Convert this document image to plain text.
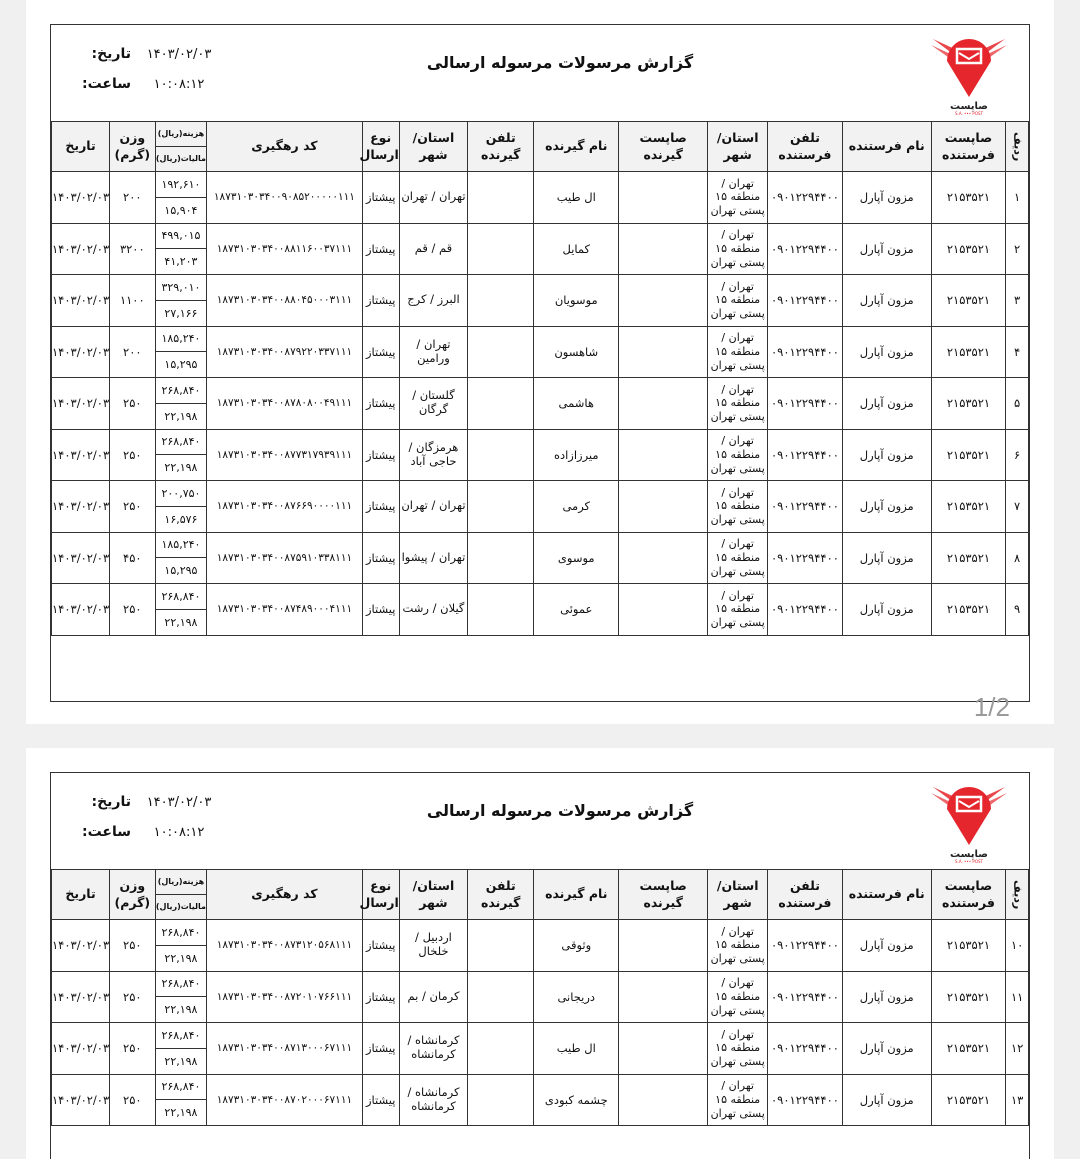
صاپست
S.A. ••• POST
گزارش مرسولات مرسوله ارسالی
تاریخ:	۱۴۰۳/۰۲/۰۳
ساعت:	۱۰:۰۸:۱۲
ردیف	صاپست فرستنده	نام فرستنده	تلفن فرستنده	استان/ شهر	صاپست گیرنده	نام گیرنده	تلفن گیرنده	استان/ شهر	نوع ارسال	کد رهگیری	هزینه(ریال)
مالیات(ریال)	وزن (گرم)	تاریخ
۱	۲۱۵۳۵۲۱	مزون آپارل	۰۹۰۱۲۲۹۴۴۰۰	تهران / منطقه ۱۵ پستی تهران		ال طیب		تهران / تهران	پیشتاز	۱۸۷۳۱۰۳۰۳۴۰۰۹۰۸۵۲۰۰۰۰۰۱۱۱	۱۹۲,۶۱۰
۱۵,۹۰۴	۲۰۰	۱۴۰۳/۰۲/۰۳
۲	۲۱۵۳۵۲۱	مزون آپارل	۰۹۰۱۲۲۹۴۴۰۰	تهران / منطقه ۱۵ پستی تهران		کمایل		قم / قم	پیشتاز	۱۸۷۳۱۰۳۰۳۴۰۰۸۸۱۱۶۰۰۳۷۱۱۱	۴۹۹,۰۱۵
۴۱,۲۰۳	۳۲۰۰	۱۴۰۳/۰۲/۰۳
۳	۲۱۵۳۵۲۱	مزون آپارل	۰۹۰۱۲۲۹۴۴۰۰	تهران / منطقه ۱۵ پستی تهران		موسویان		البرز / کرج	پیشتاز	۱۸۷۳۱۰۳۰۳۴۰۰۸۸۰۴۵۰۰۰۳۱۱۱	۳۲۹,۰۱۰
۲۷,۱۶۶	۱۱۰۰	۱۴۰۳/۰۲/۰۳
۴	۲۱۵۳۵۲۱	مزون آپارل	۰۹۰۱۲۲۹۴۴۰۰	تهران / منطقه ۱۵ پستی تهران		شاهسون		تهران / ورامین	پیشتاز	۱۸۷۳۱۰۳۰۳۴۰۰۸۷۹۲۲۰۳۳۷۱۱۱	۱۸۵,۲۴۰
۱۵,۲۹۵	۲۰۰	۱۴۰۳/۰۲/۰۳
۵	۲۱۵۳۵۲۱	مزون آپارل	۰۹۰۱۲۲۹۴۴۰۰	تهران / منطقه ۱۵ پستی تهران		هاشمی		گلستان / گرگان	پیشتاز	۱۸۷۳۱۰۳۰۳۴۰۰۸۷۸۰۸۰۰۴۹۱۱۱	۲۶۸,۸۴۰
۲۲,۱۹۸	۲۵۰	۱۴۰۳/۰۲/۰۳
۶	۲۱۵۳۵۲۱	مزون آپارل	۰۹۰۱۲۲۹۴۴۰۰	تهران / منطقه ۱۵ پستی تهران		میرزازاده		هرمزگان / حاجی آباد	پیشتاز	۱۸۷۳۱۰۳۰۳۴۰۰۸۷۷۳۱۷۹۳۹۱۱۱	۲۶۸,۸۴۰
۲۲,۱۹۸	۲۵۰	۱۴۰۳/۰۲/۰۳
۷	۲۱۵۳۵۲۱	مزون آپارل	۰۹۰۱۲۲۹۴۴۰۰	تهران / منطقه ۱۵ پستی تهران		کرمی		تهران / تهران	پیشتاز	۱۸۷۳۱۰۳۰۳۴۰۰۸۷۶۶۹۰۰۰۰۱۱۱	۲۰۰,۷۵۰
۱۶,۵۷۶	۲۵۰	۱۴۰۳/۰۲/۰۳
۸	۲۱۵۳۵۲۱	مزون آپارل	۰۹۰۱۲۲۹۴۴۰۰	تهران / منطقه ۱۵ پستی تهران		موسوی		تهران / پیشوا	پیشتاز	۱۸۷۳۱۰۳۰۳۴۰۰۸۷۵۹۱۰۳۳۸۱۱۱	۱۸۵,۲۴۰
۱۵,۲۹۵	۴۵۰	۱۴۰۳/۰۲/۰۳
۹	۲۱۵۳۵۲۱	مزون آپارل	۰۹۰۱۲۲۹۴۴۰۰	تهران / منطقه ۱۵ پستی تهران		عموئی		گیلان / رشت	پیشتاز	۱۸۷۳۱۰۳۰۳۴۰۰۸۷۴۸۹۰۰۰۴۱۱۱	۲۶۸,۸۴۰
۲۲,۱۹۸	۲۵۰	۱۴۰۳/۰۲/۰۳
1/2
صاپست
S.A. ••• POST
گزارش مرسولات مرسوله ارسالی
تاریخ:	۱۴۰۳/۰۲/۰۳
ساعت:	۱۰:۰۸:۱۲
ردیف	صاپست فرستنده	نام فرستنده	تلفن فرستنده	استان/ شهر	صاپست گیرنده	نام گیرنده	تلفن گیرنده	استان/ شهر	نوع ارسال	کد رهگیری	هزینه(ریال)
مالیات(ریال)	وزن (گرم)	تاریخ
۱۰	۲۱۵۳۵۲۱	مزون آپارل	۰۹۰۱۲۲۹۴۴۰۰	تهران / منطقه ۱۵ پستی تهران		وثوقی		اردبیل / خلخال	پیشتاز	۱۸۷۳۱۰۳۰۳۴۰۰۸۷۳۱۲۰۵۶۸۱۱۱	۲۶۸,۸۴۰
۲۲,۱۹۸	۲۵۰	۱۴۰۳/۰۲/۰۳
۱۱	۲۱۵۳۵۲۱	مزون آپارل	۰۹۰۱۲۲۹۴۴۰۰	تهران / منطقه ۱۵ پستی تهران		دریجانی		کرمان / بم	پیشتاز	۱۸۷۳۱۰۳۰۳۴۰۰۸۷۲۰۱۰۷۶۶۱۱۱	۲۶۸,۸۴۰
۲۲,۱۹۸	۲۵۰	۱۴۰۳/۰۲/۰۳
۱۲	۲۱۵۳۵۲۱	مزون آپارل	۰۹۰۱۲۲۹۴۴۰۰	تهران / منطقه ۱۵ پستی تهران		ال طیب		کرمانشاه / کرمانشاه	پیشتاز	۱۸۷۳۱۰۳۰۳۴۰۰۸۷۱۳۰۰۰۶۷۱۱۱	۲۶۸,۸۴۰
۲۲,۱۹۸	۲۵۰	۱۴۰۳/۰۲/۰۳
۱۳	۲۱۵۳۵۲۱	مزون آپارل	۰۹۰۱۲۲۹۴۴۰۰	تهران / منطقه ۱۵ پستی تهران		چشمه کبودی		کرمانشاه / کرمانشاه	پیشتاز	۱۸۷۳۱۰۳۰۳۴۰۰۸۷۰۲۰۰۰۶۷۱۱۱	۲۶۸,۸۴۰
۲۲,۱۹۸	۲۵۰	۱۴۰۳/۰۲/۰۳
